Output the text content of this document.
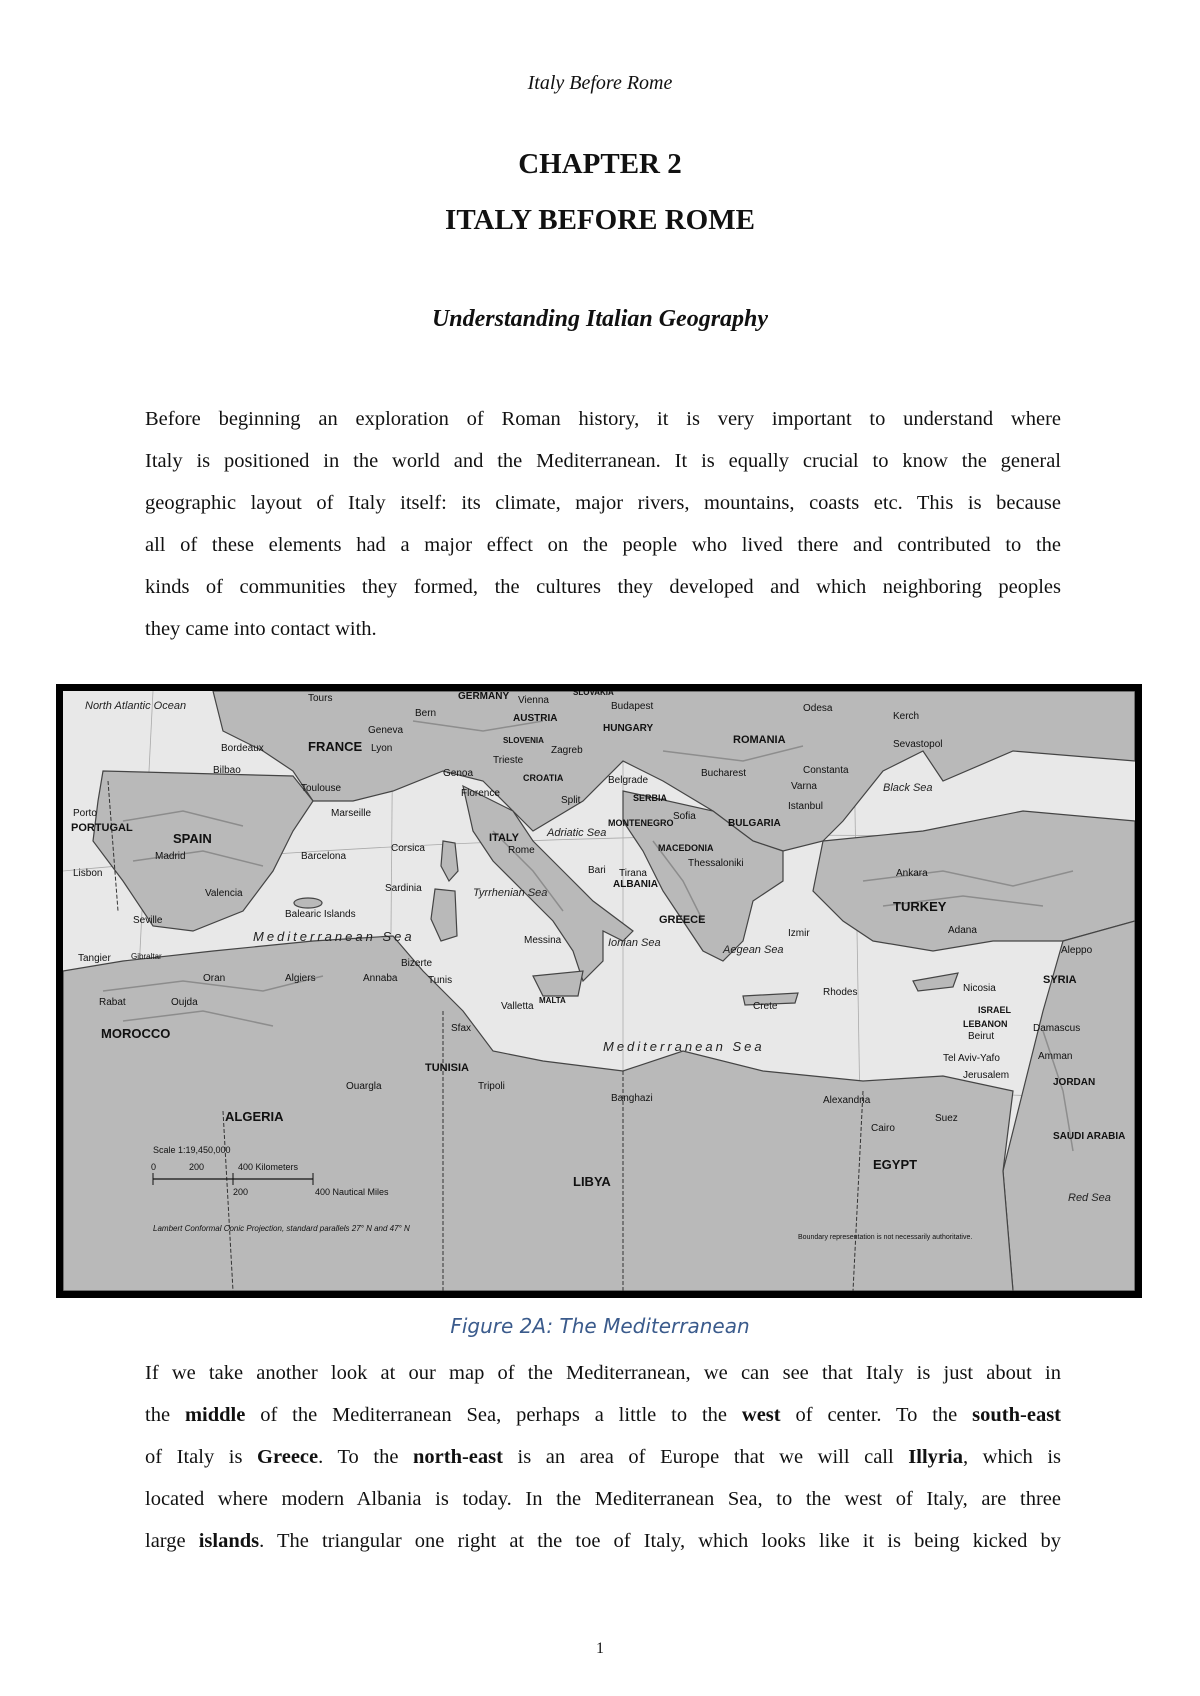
Italy Before Rome
CHAPTER 2
ITALY BEFORE ROME
Understanding Italian Geography
Before beginning an exploration of Roman history, it is very important to understand where
Italy is positioned in the world and the Mediterranean. It is equally crucial to know the general
geographic layout of Italy itself: its climate, major rivers, mountains, coasts etc. This is because
all of these elements had a major effect on the people who lived there and contributed to the
kinds of communities they formed, the cultures they developed and which neighboring peoples
they came into contact with.
FRANCE
SPAIN
PORTUGAL
MOROCCO
ALGERIA
TUNISIA
LIBYA
EGYPT
ITALY
GREECE
ALBANIA
TURKEY
SYRIA
JORDAN
SAUDI ARABIA
ROMANIA
BULGARIA
HUNGARY
AUSTRIA
GERMANY
CROATIA
SERBIA
MONTENEGRO
MACEDONIA
LEBANON
ISRAEL
MALTA
SLOVENIA
SLOVAKIA
Tours
Bordeaux
Bilbao
Toulouse
Marseille
Lyon
Geneva
Bern
Genoa
Florence
Rome
Barcelona
Madrid
Lisbon
Porto
Valencia
Seville
Tangier	Gibraltar
Oran	Algiers
Bizerte
Annaba	Tunis
Sfax
Tripoli
Ouargla
Rabat	Oujda
Messina
Valletta
Bari Tirana
Thessaloniki
Izmir
Ankara
Adana
Aleppo
Nicosia
Beirut
Damascus
Tel Aviv-Yafo
Jerusalem
Amman
Alexandria
Cairo
Suez
Banghazi
Crete
Rhodes
Istanbul
Varna
Constanta
Bucharest
Budapest
Vienna
Odesa
Kerch
Sevastopol
Trieste
Zagreb
Split
Belgrade
Sofia
North Atlantic Ocean
Mediterranean Sea
Mediterranean Sea
Tyrrhenian Sea
Ionian Sea
Adriatic Sea
Black Sea
Red Sea
Aegean Sea
Corsica
Sardinia
Balearic Islands
Scale 1:19,450,000
0	200	400 Kilometers
200	400 Nautical Miles
Lambert Conformal Conic Projection, standard parallels 27° N and 47° N
Boundary representation is not necessarily authoritative.
Figure 2A: The Mediterranean
If we take another look at our map of the Mediterranean, we can see that Italy is just about in
the middle of the Mediterranean Sea, perhaps a little to the west of center. To the south-east
of Italy is Greece. To the north-east is an area of Europe that we will call Illyria, which is
located where modern Albania is today. In the Mediterranean Sea, to the west of Italy, are three
large islands. The triangular one right at the toe of Italy, which looks like it is being kicked by
1
